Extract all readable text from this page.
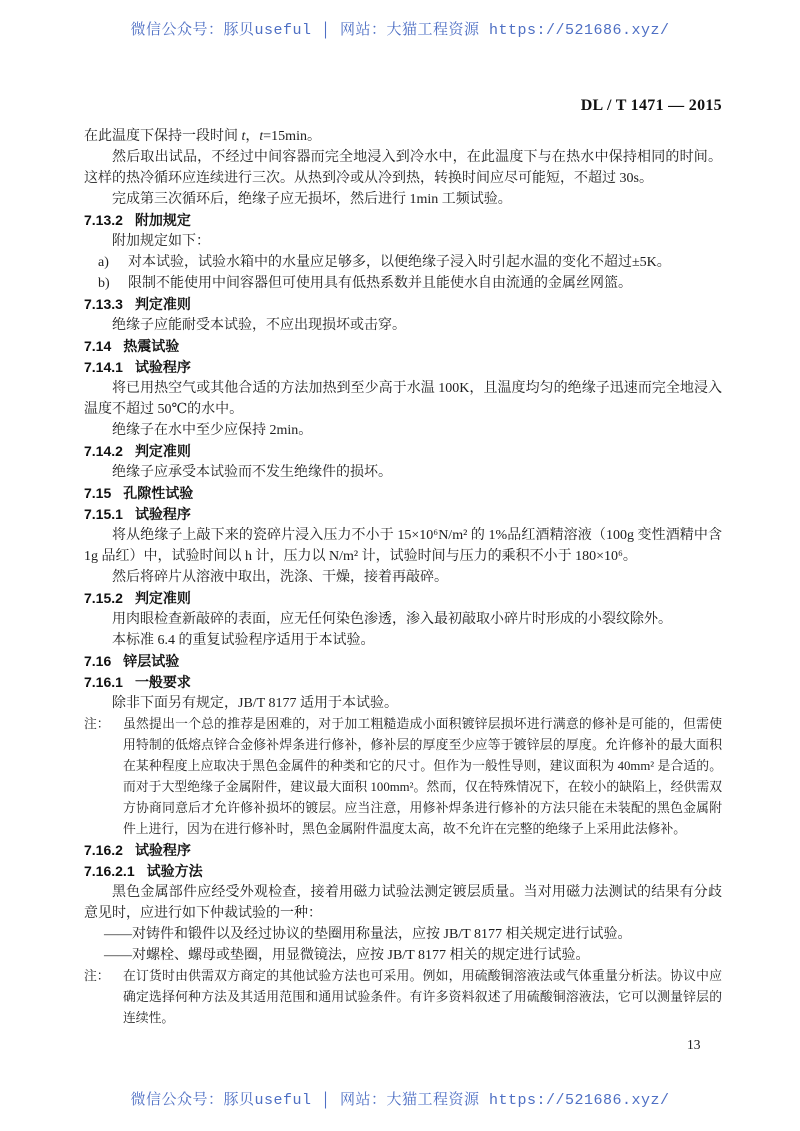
微信公众号：豚贝useful │ 网站：大猫工程资源 https://521686.xyz/
DL / T 1471 — 2015

在此温度下保持一段时间 t，t=15min。

然后取出试品，不经过中间容器而完全地浸入到冷水中，在此温度下与在热水中保持相同的时间。这样的热冷循环应连续进行三次。从热到冷或从冷到热，转换时间应尽可能短，不超过 30s。

完成第三次循环后，绝缘子应无损坏，然后进行 1min 工频试验。

7.13.2 附加规定

附加规定如下：

a) 对本试验，试验水箱中的水量应足够多，以便绝缘子浸入时引起水温的变化不超过±5K。

b) 限制不能使用中间容器但可使用具有低热系数并且能使水自由流通的金属丝网篮。

7.13.3 判定准则

绝缘子应能耐受本试验，不应出现损坏或击穿。

7.14 热震试验
7.14.1 试验程序

将已用热空气或其他合适的方法加热到至少高于水温 100K，且温度均匀的绝缘子迅速而完全地浸入温度不超过 50℃的水中。

绝缘子在水中至少应保持 2min。

7.14.2 判定准则

绝缘子应承受本试验而不发生绝缘件的损坏。

7.15 孔隙性试验
7.15.1 试验程序

将从绝缘子上敲下来的瓷碎片浸入压力不小于 15×10⁶N/m² 的 1%品红酒精溶液（100g 变性酒精中含 1g 品红）中，试验时间以 h 计，压力以 N/m² 计，试验时间与压力的乘积不小于 180×10⁶。

然后将碎片从溶液中取出，洗涤、干燥，接着再敲碎。

7.15.2 判定准则

用肉眼检查新敲碎的表面，应无任何染色渗透，渗入最初敲取小碎片时形成的小裂纹除外。

本标准 6.4 的重复试验程序适用于本试验。

7.16 锌层试验
7.16.1 一般要求

除非下面另有规定，JB/T 8177 适用于本试验。

注：	虽然提出一个总的推荐是困难的，对于加工粗糙造成小面积镀锌层损坏进行满意的修补是可能的，但需使用特制的低熔点锌合金修补焊条进行修补，修补层的厚度至少应等于镀锌层的厚度。允许修补的最大面积在某种程度上应取决于黑色金属件的种类和它的尺寸。但作为一般性导则，建议面积为 40mm² 是合适的。而对于大型绝缘子金属附件，建议最大面积 100mm²。然而，仅在特殊情况下，在较小的缺陷上，经供需双方协商同意后才允许修补损坏的镀层。应当注意，用修补焊条进行修补的方法只能在未装配的黑色金属附件上进行，因为在进行修补时，黑色金属附件温度太高，故不允许在完整的绝缘子上采用此法修补。
7.16.2 试验程序
7.16.2.1 试验方法

黑色金属部件应经受外观检查，接着用磁力试验法测定镀层质量。当对用磁力法测试的结果有分歧意见时，应进行如下仲裁试验的一种：

——对铸件和锻件以及经过协议的垫圈用称量法，应按 JB/T 8177 相关规定进行试验。

——对螺栓、螺母或垫圈，用显微镜法，应按 JB/T 8177 相关的规定进行试验。

注：	在订货时由供需双方商定的其他试验方法也可采用。例如，用硫酸铜溶液法或气体重量分析法。协议中应确定选择何种方法及其适用范围和通用试验条件。有许多资料叙述了用硫酸铜溶液法，它可以测量锌层的连续性。
13
微信公众号：豚贝useful │ 网站：大猫工程资源 https://521686.xyz/
